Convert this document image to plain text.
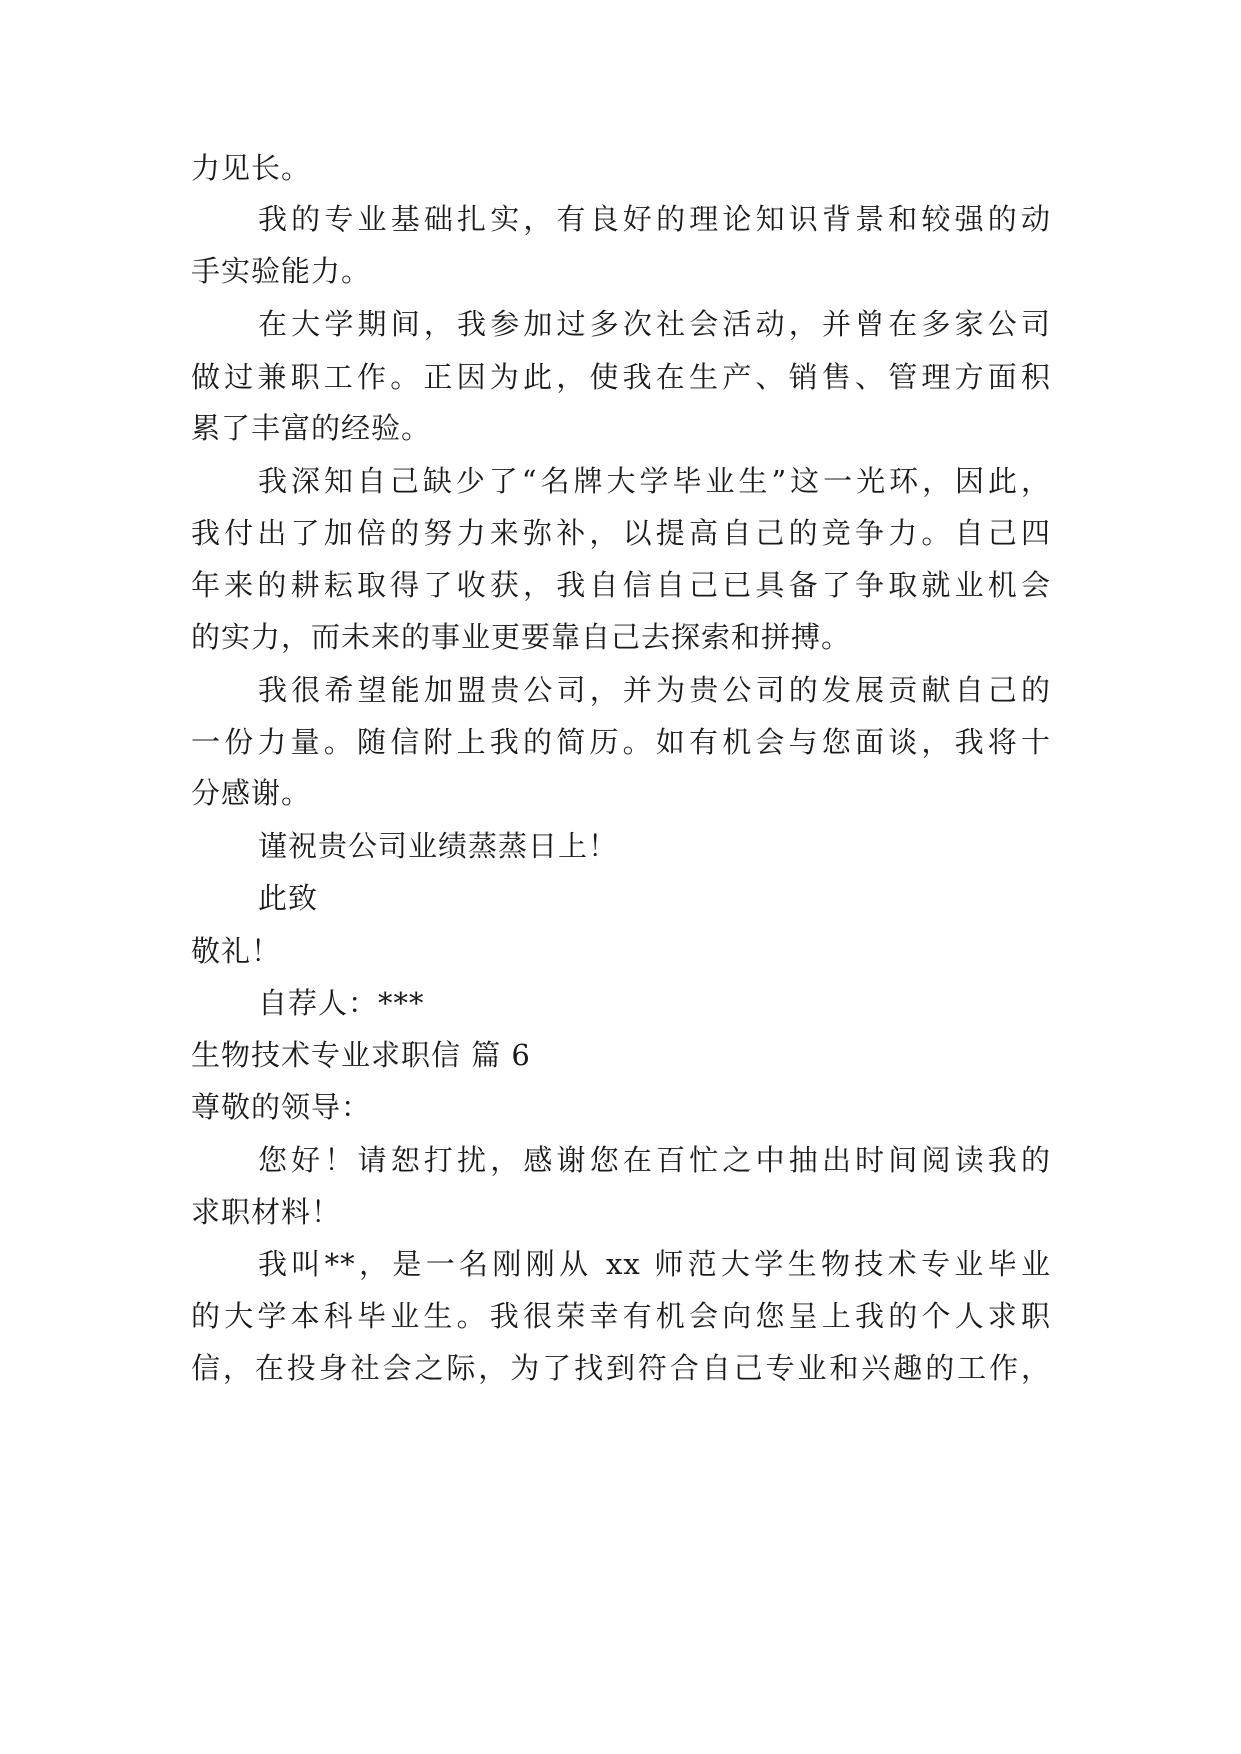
力见长。
我的专业基础扎实，有良好的理论知识背景和较强的动
手实验能力。
在大学期间，我参加过多次社会活动，并曾在多家公司
做过兼职工作。正因为此，使我在生产、销售、管理方面积
累了丰富的经验。
我深知自己缺少了“名牌大学毕业生”这一光环，因此，
我付出了加倍的努力来弥补，以提高自己的竞争力。自己四
年来的耕耘取得了收获，我自信自己已具备了争取就业机会
的实力，而未来的事业更要靠自己去探索和拼搏。
我很希望能加盟贵公司，并为贵公司的发展贡献自己的
一份力量。随信附上我的简历。如有机会与您面谈，我将十
分感谢。
谨祝贵公司业绩蒸蒸日上！
此致
敬礼！
自荐人：***
生物技术专业求职信 篇 6
尊敬的领导：
您好！请恕打扰，感谢您在百忙之中抽出时间阅读我的
求职材料！
我叫**，是一名刚刚从 xx 师范大学生物技术专业毕业
的大学本科毕业生。我很荣幸有机会向您呈上我的个人求职
信，在投身社会之际，为了找到符合自己专业和兴趣的工作，
